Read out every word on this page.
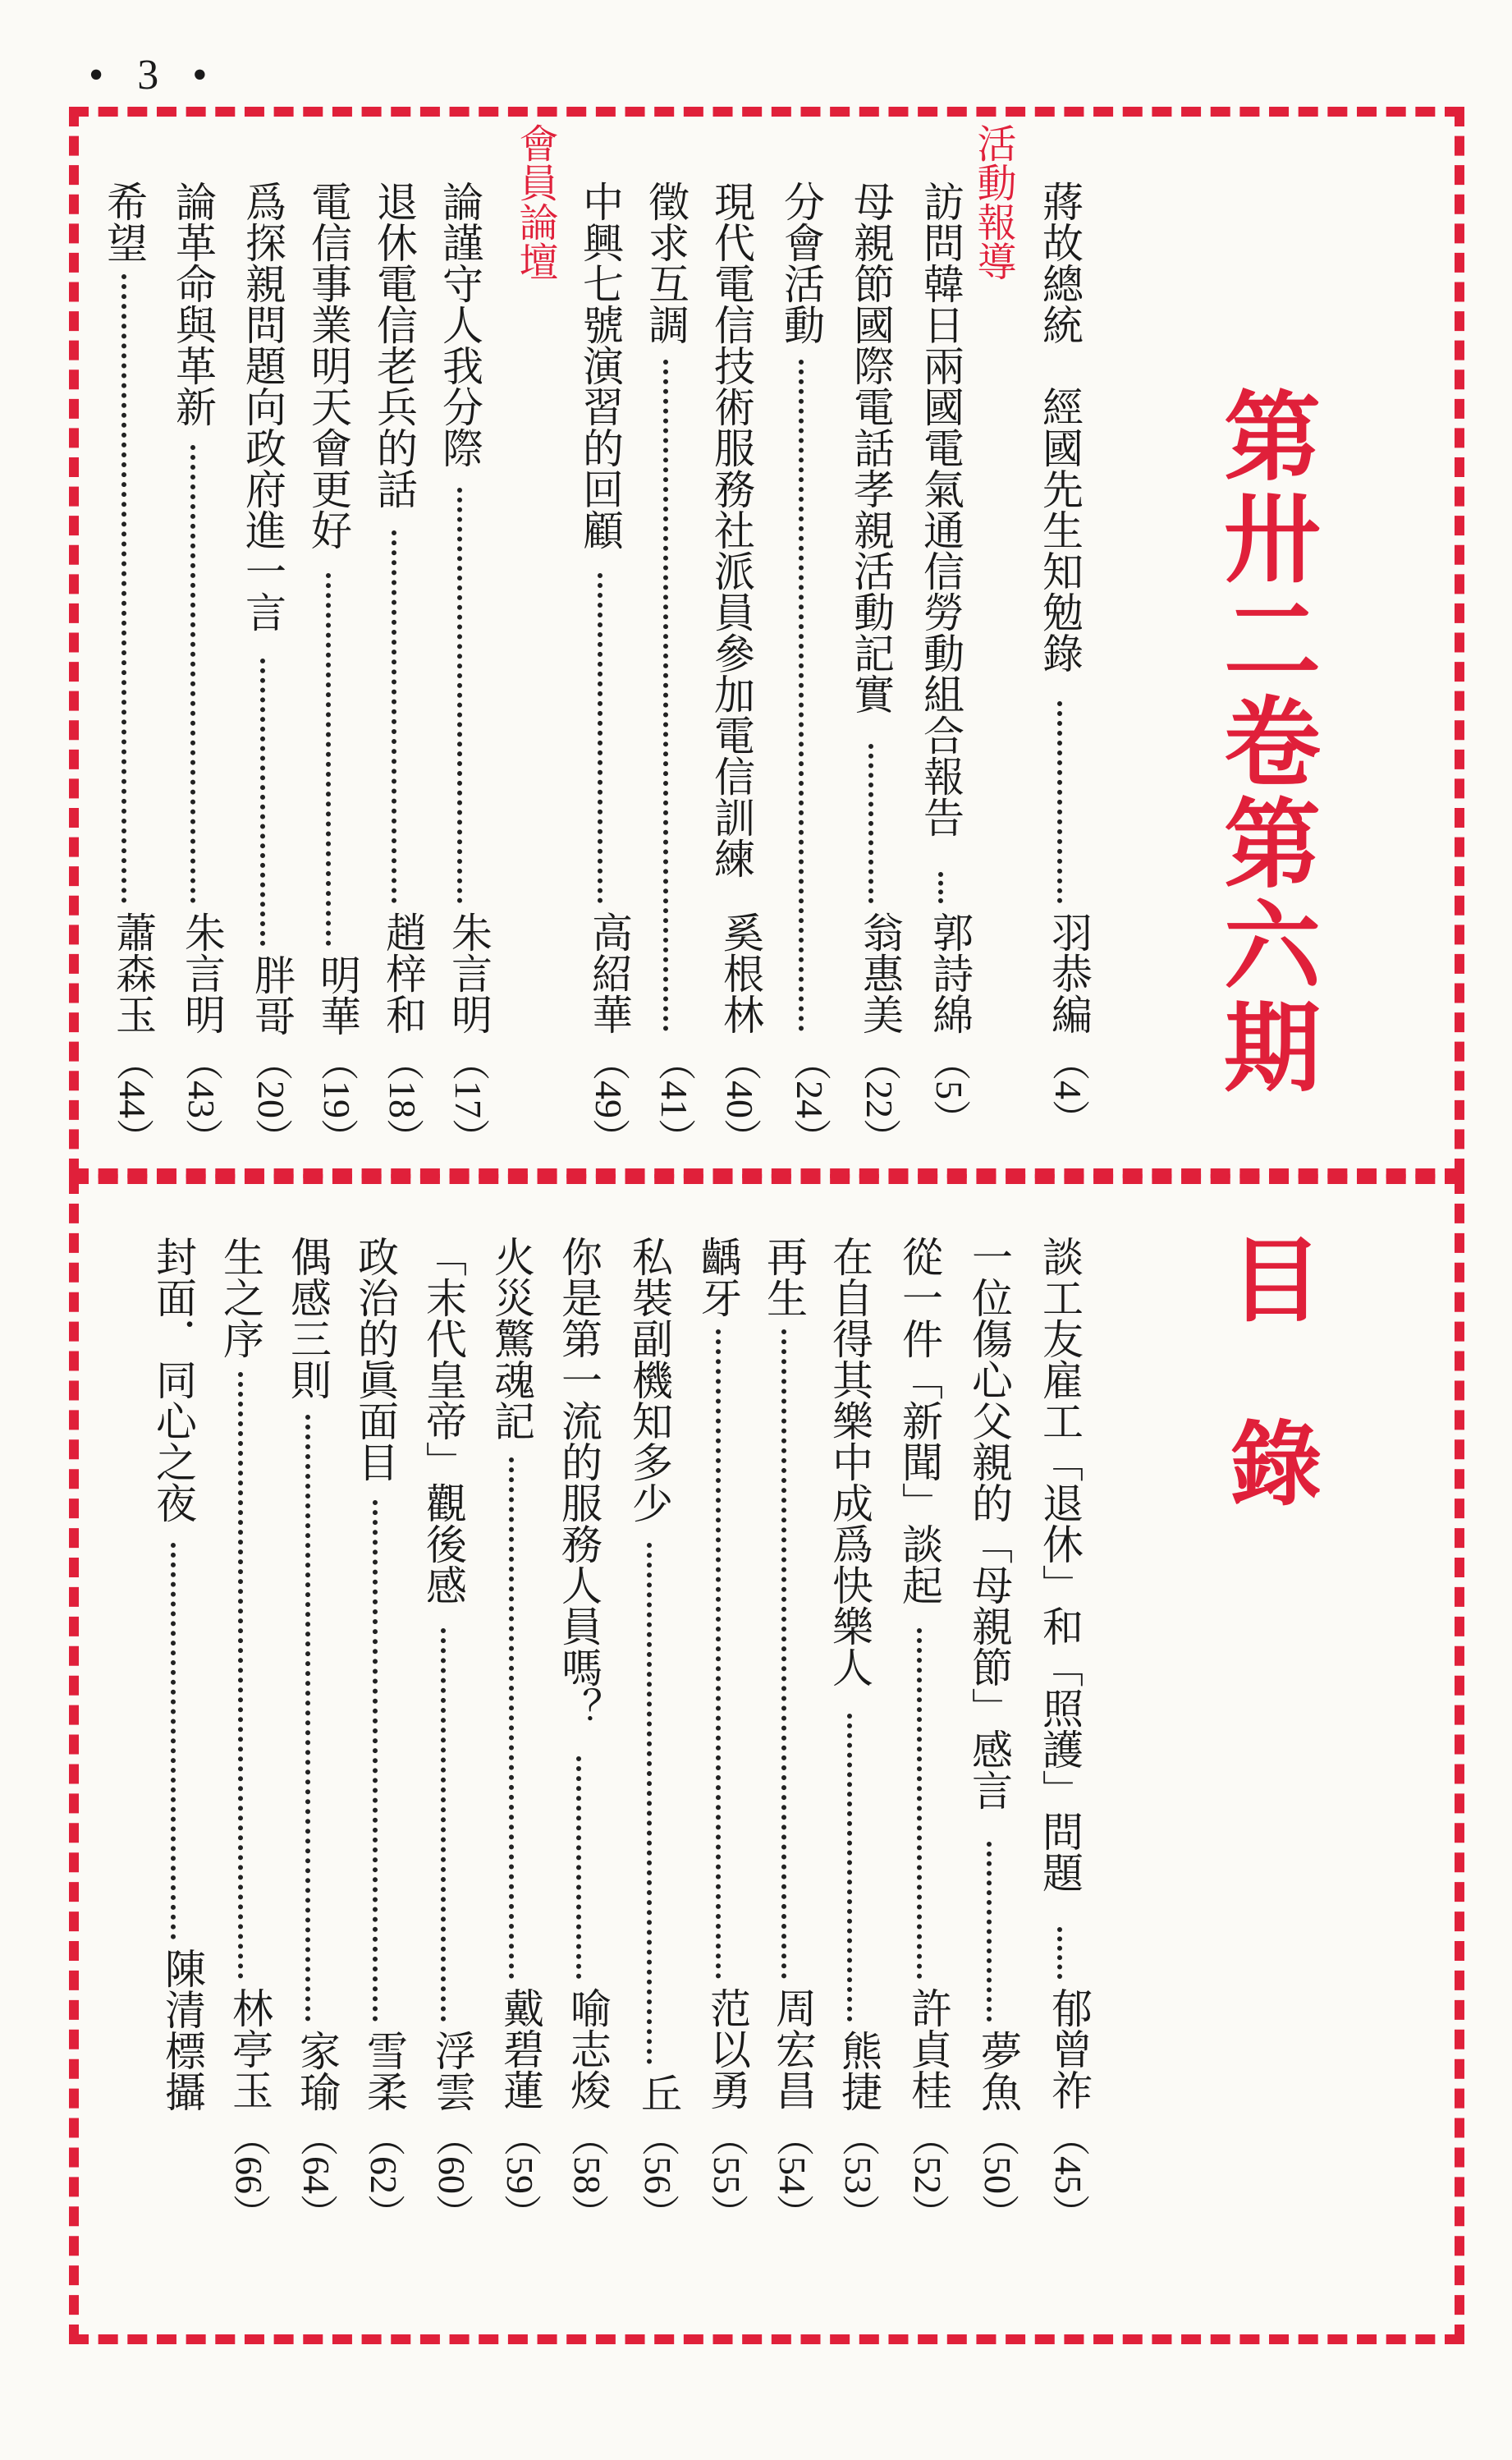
• 3 •
第卅二卷第六期
目　錄
活動報導
會員論壇	蔣故總統　經國先生知勉錄
羽恭編
（4）
訪問韓日兩國電氣通信勞動組合報告
郭詩綿
（5）
母親節國際電話孝親活動記實
翁惠美
（22）
分會活動
（24）
現代電信技術服務社派員參加電信訓練
奚根林
（40）
徵求互調
（41）
中興七號演習的回顧
高紹華
（49）
論謹守人我分際
朱言明
（17）
退休電信老兵的話
趙梓和
（18）
電信事業明天會更好
明華
（19）
爲探親問題向政府進一言
胖哥
（20）
論革命與革新
朱言明
（43）
希望
蕭森玉
（44）
談工友雇工「退休」和「照護」問題
郁曾祚
（45）
一位傷心父親的「母親節」感言
夢魚
（50）
從一件「新聞」談起
許貞桂
（52）
在自得其樂中成爲快樂人
熊捷
（53）
再生
周宏昌
（54）
齲牙
范以勇
（55）
私裝副機知多少
丘
（56）
你是第一流的服務人員嗎？
喻志焌
（58）
火災驚魂記
戴碧蓮
（59）
「末代皇帝」觀後感
浮雲
（60）
政治的眞面目
雪柔
（62）
偶感三則
家瑜
（64）
生之序
林亭玉
（66）
封面．同心之夜
陳清標攝
